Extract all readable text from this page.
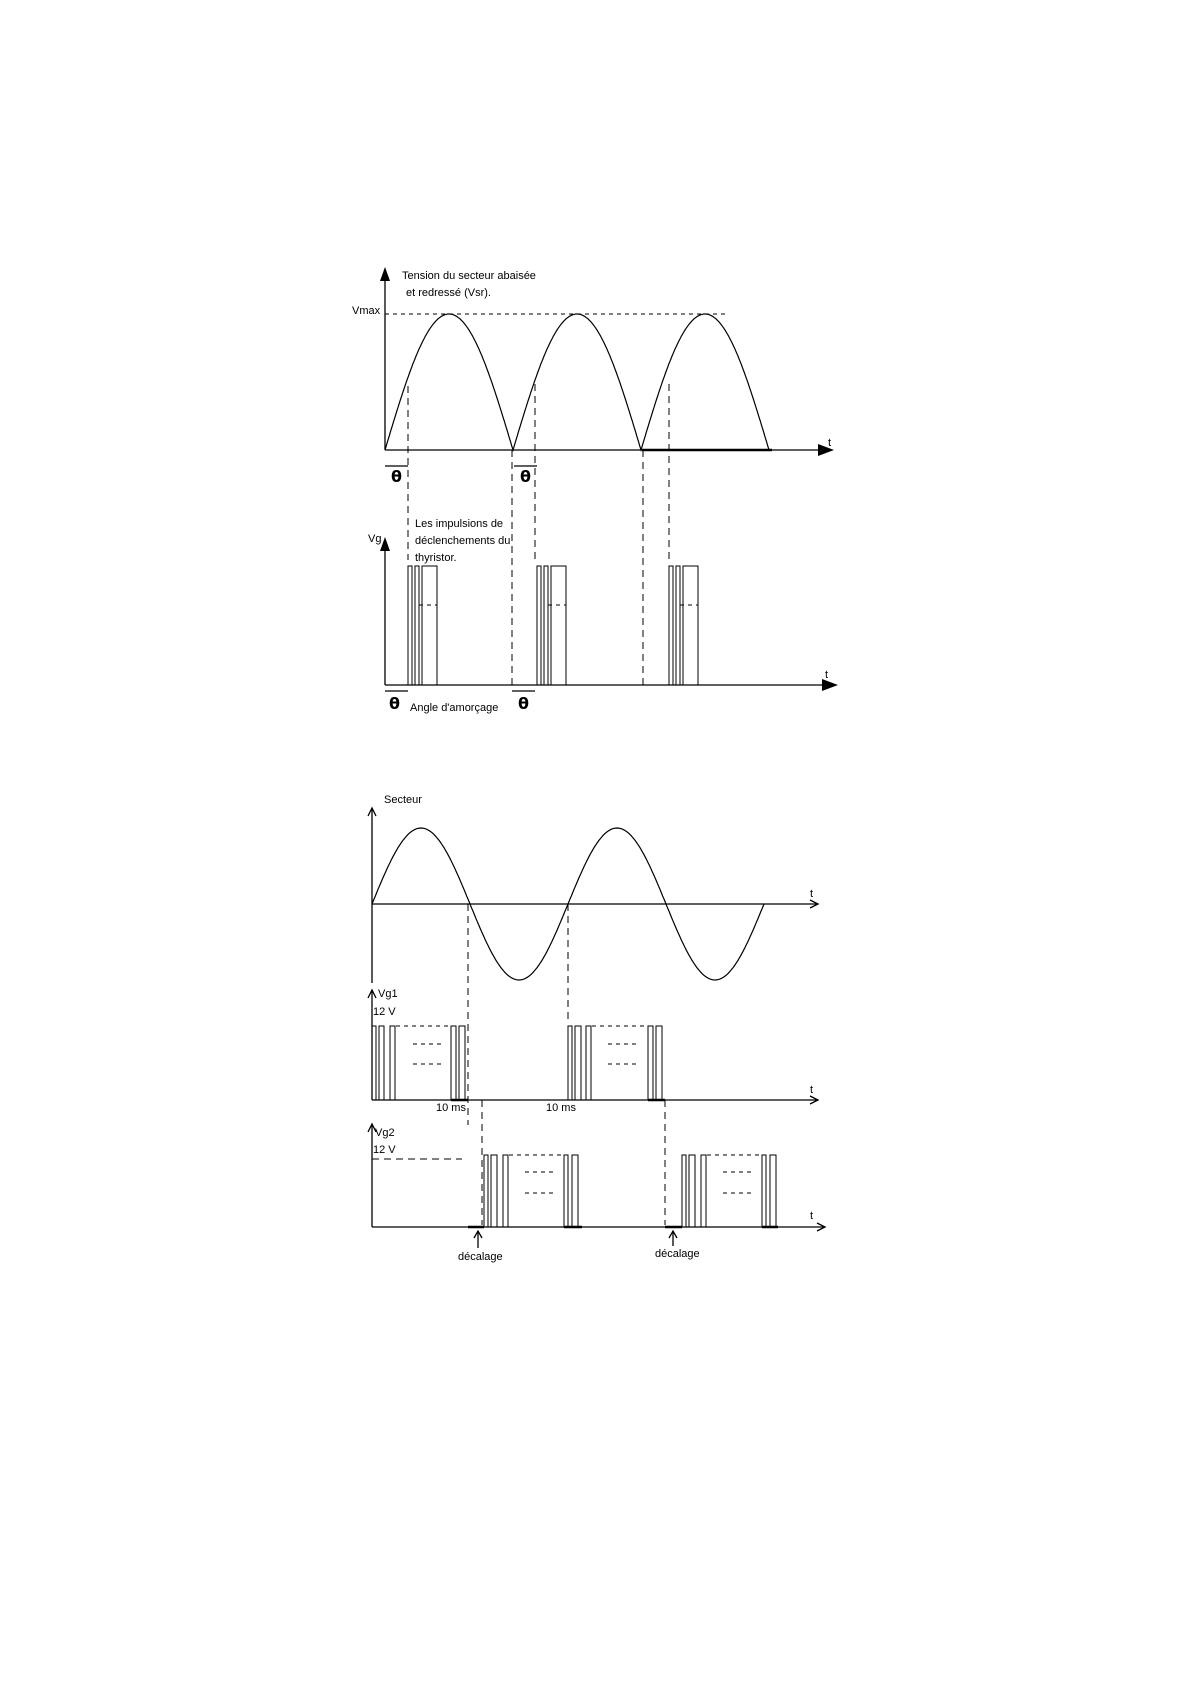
θ	θ
Tension du secteur abaisée
et redressé (Vsr).
Vmax
t
θ	θ
Vg
Les impulsions de
déclenchements du
thyristor.
Angle d'amorçage
t
Secteur
t
Vg1
12 V
10 ms	10 ms
t
Vg2
12 V
t
décalage	décalage
